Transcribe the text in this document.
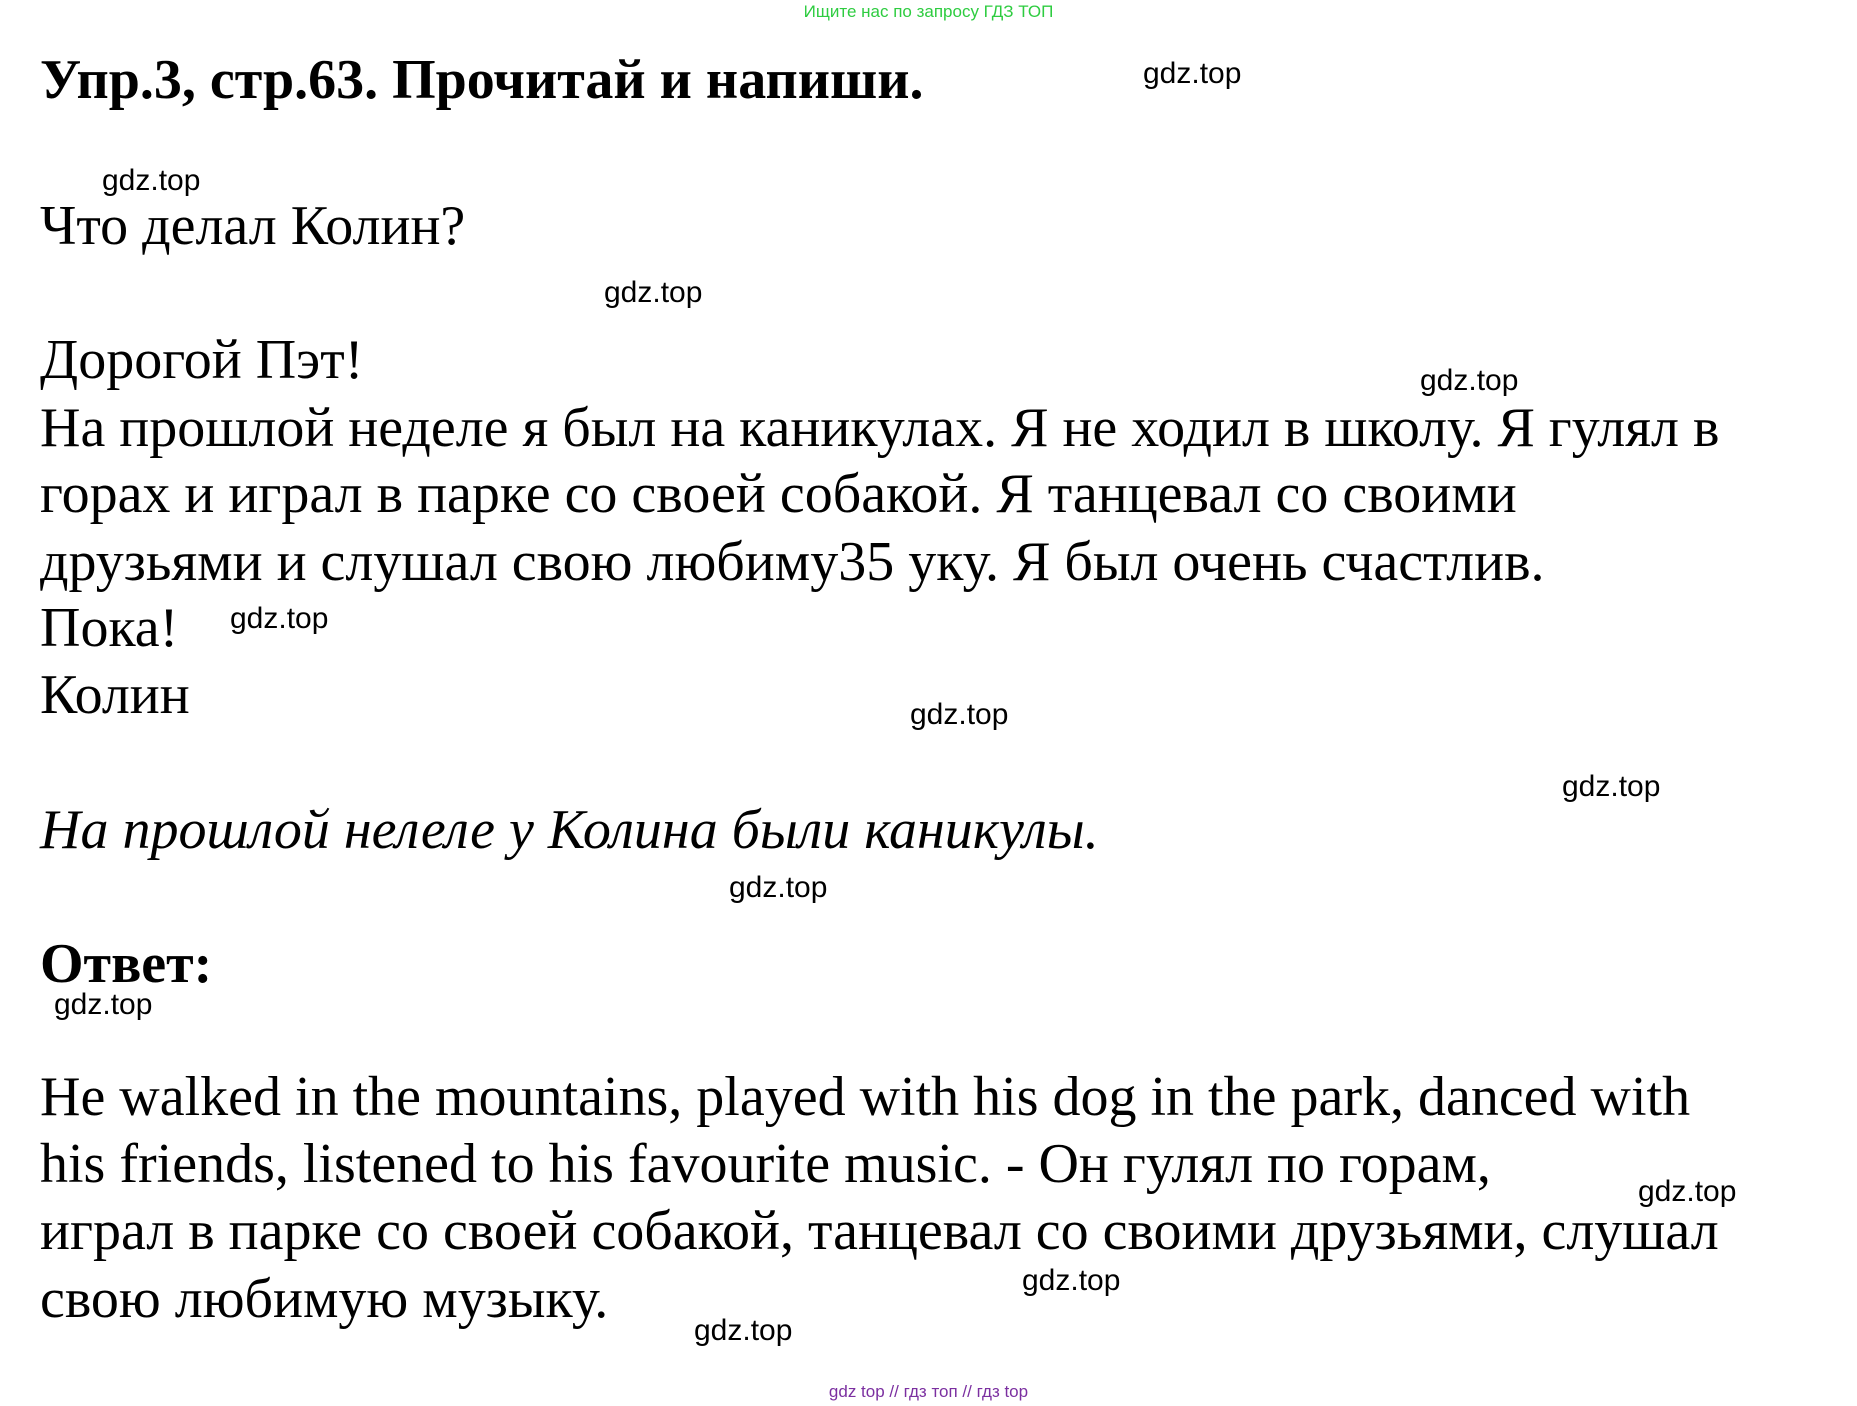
Ищите нас по запросу ГДЗ ТОП
Упр.3, стр.63. Прочитай и напиши.
Что делал Колин?
Дорогой Пэт!
На прошлой неделе я был на каникулах. Я не ходил в школу. Я гулял в
горах и играл в парке со своей собакой. Я танцевал со своими
друзьями и слушал свою любиму35 уку. Я был очень счастлив.
Пока!
Колин
На прошлой нелеле у Колина были каникулы.
Ответ:
He walked in the mountains, played with his dog in the park, danced with
his friends, listened to his favourite music. - Он гулял по горам,
играл в парке со своей собакой, танцевал со своими друзьями, слушал
свою любимую музыку.
gdz.top
gdz.top
gdz.top
gdz.top
gdz.top
gdz.top
gdz.top
gdz.top
gdz.top
gdz.top
gdz.top
gdz.top
gdz top // гдз топ // гдз top
